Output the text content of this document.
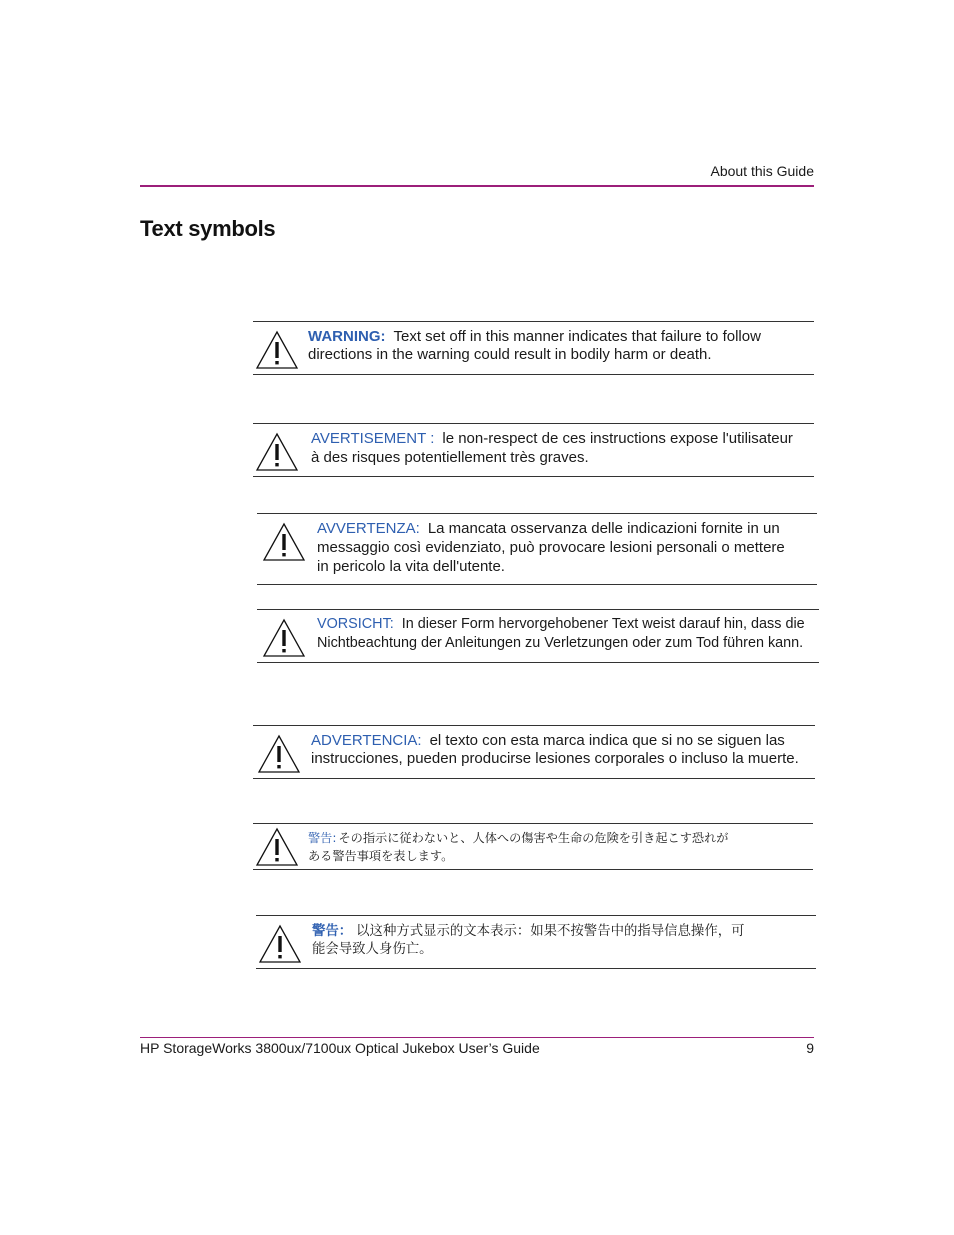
About this Guide
Text symbols
WARNING: Text set off in this manner indicates that failure to follow
directions in the warning could result in bodily harm or death.
AVERTISEMENT : le non-respect de ces instructions expose l'utilisateur
à des risques potentiellement très graves.
AVVERTENZA: La mancata osservanza delle indicazioni fornite in un
messaggio così evidenziato, può provocare lesioni personali o mettere
in pericolo la vita dell'utente.
VORSICHT: In dieser Form hervorgehobener Text weist darauf hin, dass die
Nichtbeachtung der Anleitungen zu Verletzungen oder zum Tod führen kann.
ADVERTENCIA: el texto con esta marca indica que si no se siguen las
instrucciones, pueden producirse lesiones corporales o incluso la muerte.
警告: その指示に従わないと、人体への傷害や生命の危険を引き起こす恐れが
ある警告事項を表します。
警告： 以这种方式显示的文本表示：如果不按警告中的指导信息操作，可
能会导致人身伤亡。
HP StorageWorks 3800ux/7100ux Optical Jukebox User’s Guide	9
